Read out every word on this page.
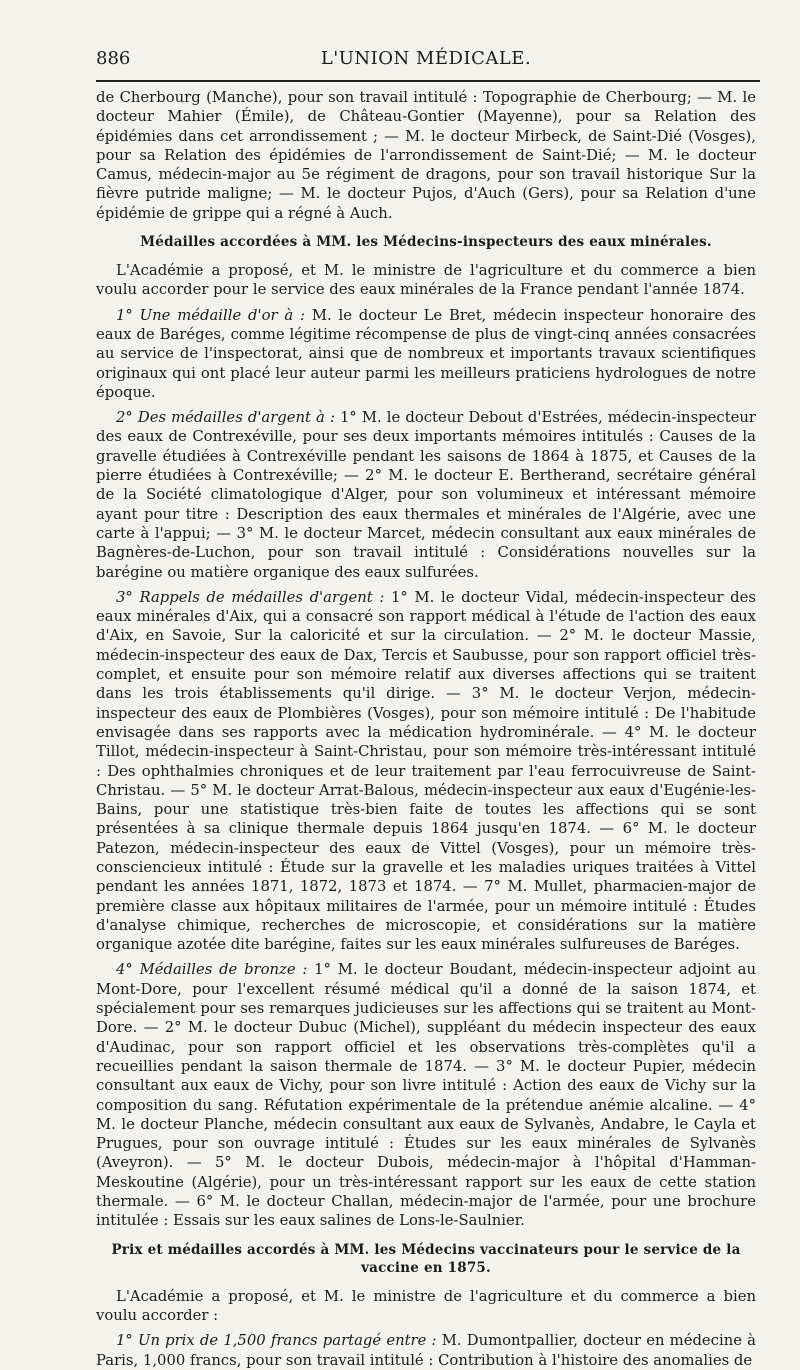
886	L'UNION MÉDICALE.

de Cherbourg (Manche), pour son travail intitulé : Topographie de Cherbourg; — M. le docteur Mahier (Émile), de Château-Gontier (Mayenne), pour sa Relation des épidémies dans cet arrondissement ; — M. le docteur Mirbeck, de Saint-Dié (Vosges), pour sa Relation des épidémies de l'arrondissement de Saint-Dié; — M. le docteur Camus, médecin-major au 5e régiment de dragons, pour son travail historique Sur la fièvre putride maligne; — M. le docteur Pujos, d'Auch (Gers), pour sa Relation d'une épidémie de grippe qui a régné à Auch.

Médailles accordées à MM. les Médecins-inspecteurs des eaux minérales.

L'Académie a proposé, et M. le ministre de l'agriculture et du commerce a bien voulu accorder pour le service des eaux minérales de la France pendant l'année 1874.

1° Une médaille d'or à : M. le docteur Le Bret, médecin inspecteur honoraire des eaux de Baréges, comme légitime récompense de plus de vingt-cinq années consacrées au service de l'inspectorat, ainsi que de nombreux et importants travaux scientifiques originaux qui ont placé leur auteur parmi les meilleurs praticiens hydrologues de notre époque.

2° Des médailles d'argent à : 1° M. le docteur Debout d'Estrées, médecin-inspecteur des eaux de Contrexéville, pour ses deux importants mémoires intitulés : Causes de la gravelle étudiées à Contrexéville pendant les saisons de 1864 à 1875, et Causes de la pierre étudiées à Contrexéville; — 2° M. le docteur E. Bertherand, secrétaire général de la Société climatologique d'Alger, pour son volumineux et intéressant mémoire ayant pour titre : Description des eaux thermales et minérales de l'Algérie, avec une carte à l'appui; — 3° M. le docteur Marcet, médecin consultant aux eaux minérales de Bagnères-de-Luchon, pour son travail intitulé : Considérations nouvelles sur la barégine ou matière organique des eaux sulfurées.

3° Rappels de médailles d'argent : 1° M. le docteur Vidal, médecin-inspecteur des eaux minérales d'Aix, qui a consacré son rapport médical à l'étude de l'action des eaux d'Aix, en Savoie, Sur la caloricité et sur la circulation. — 2° M. le docteur Massie, médecin-inspecteur des eaux de Dax, Tercis et Saubusse, pour son rapport officiel très-complet, et ensuite pour son mémoire relatif aux diverses affections qui se traitent dans les trois établissements qu'il dirige. — 3° M. le docteur Verjon, médecin-inspecteur des eaux de Plombières (Vosges), pour son mémoire intitulé : De l'habitude envisagée dans ses rapports avec la médication hydrominérale. — 4° M. le docteur Tillot, médecin-inspecteur à Saint-Christau, pour son mémoire très-intéressant intitulé : Des ophthalmies chroniques et de leur traitement par l'eau ferrocuivreuse de Saint-Christau. — 5° M. le docteur Arrat-Balous, médecin-inspecteur aux eaux d'Eugénie-les-Bains, pour une statistique très-bien faite de toutes les affections qui se sont présentées à sa clinique thermale depuis 1864 jusqu'en 1874. — 6° M. le docteur Patezon, médecin-inspecteur des eaux de Vittel (Vosges), pour un mémoire très-consciencieux intitulé : Étude sur la gravelle et les maladies uriques traitées à Vittel pendant les années 1871, 1872, 1873 et 1874. — 7° M. Mullet, pharmacien-major de première classe aux hôpitaux militaires de l'armée, pour un mémoire intitulé : Études d'analyse chimique, recherches de microscopie, et considérations sur la matière organique azotée dite barégine, faites sur les eaux minérales sulfureuses de Baréges.

4° Médailles de bronze : 1° M. le docteur Boudant, médecin-inspecteur adjoint au Mont-Dore, pour l'excellent résumé médical qu'il a donné de la saison 1874, et spécialement pour ses remarques judicieuses sur les affections qui se traitent au Mont-Dore. — 2° M. le docteur Dubuc (Michel), suppléant du médecin inspecteur des eaux d'Audinac, pour son rapport officiel et les observations très-complètes qu'il a recueillies pendant la saison thermale de 1874. — 3° M. le docteur Pupier, médecin consultant aux eaux de Vichy, pour son livre intitulé : Action des eaux de Vichy sur la composition du sang. Réfutation expérimentale de la prétendue anémie alcaline. — 4° M. le docteur Planche, médecin consultant aux eaux de Sylvanès, Andabre, le Cayla et Prugues, pour son ouvrage intitulé : Études sur les eaux minérales de Sylvanès (Aveyron). — 5° M. le docteur Dubois, médecin-major à l'hôpital d'Hamman-Meskoutine (Algérie), pour un très-intéressant rapport sur les eaux de cette station thermale. — 6° M. le docteur Challan, médecin-major de l'armée, pour une brochure intitulée : Essais sur les eaux salines de Lons-le-Saulnier.

Prix et médailles accordés à MM. les Médecins vaccinateurs pour le service de la vaccine en 1875.

L'Académie a proposé, et M. le ministre de l'agriculture et du commerce a bien voulu accorder :

1° Un prix de 1,500 francs partagé entre : M. Dumontpallier, docteur en médecine à Paris, 1,000 francs, pour son travail intitulé : Contribution à l'histoire des anomalies de
